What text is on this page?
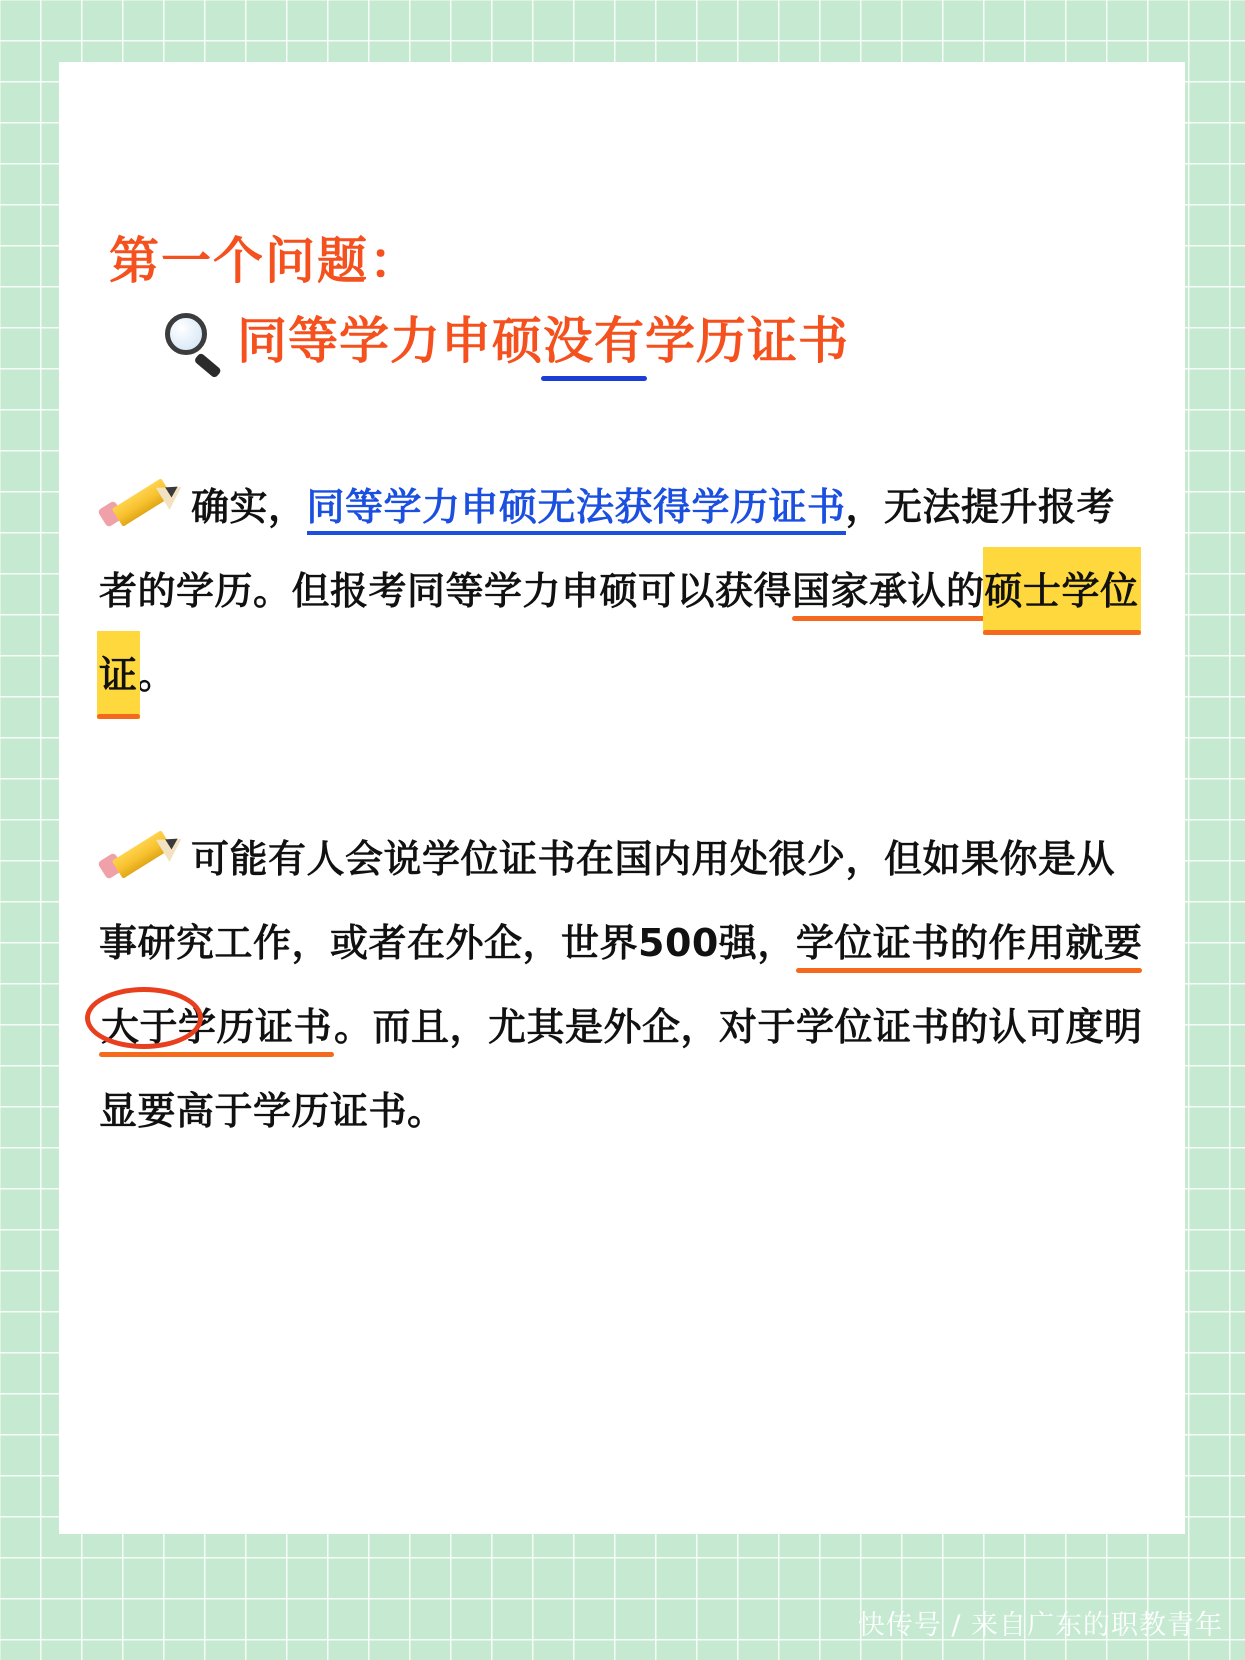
第一个问题：
同等学力申硕没有学历证书
确实，同等学力申硕无法获得学历证书，无法提升报考者的学历。但报考同等学力申硕可以获得国家承认的硕士学位证。
可能有人会说学位证书在国内用处很少，但如果你是从事研究工作，或者在外企，世界500强，学位证书的作用就要大于学历证书。而且，尤其是外企，对于学位证书的认可度明显要高于学历证书。
快传号 / 来自广东的职教青年
